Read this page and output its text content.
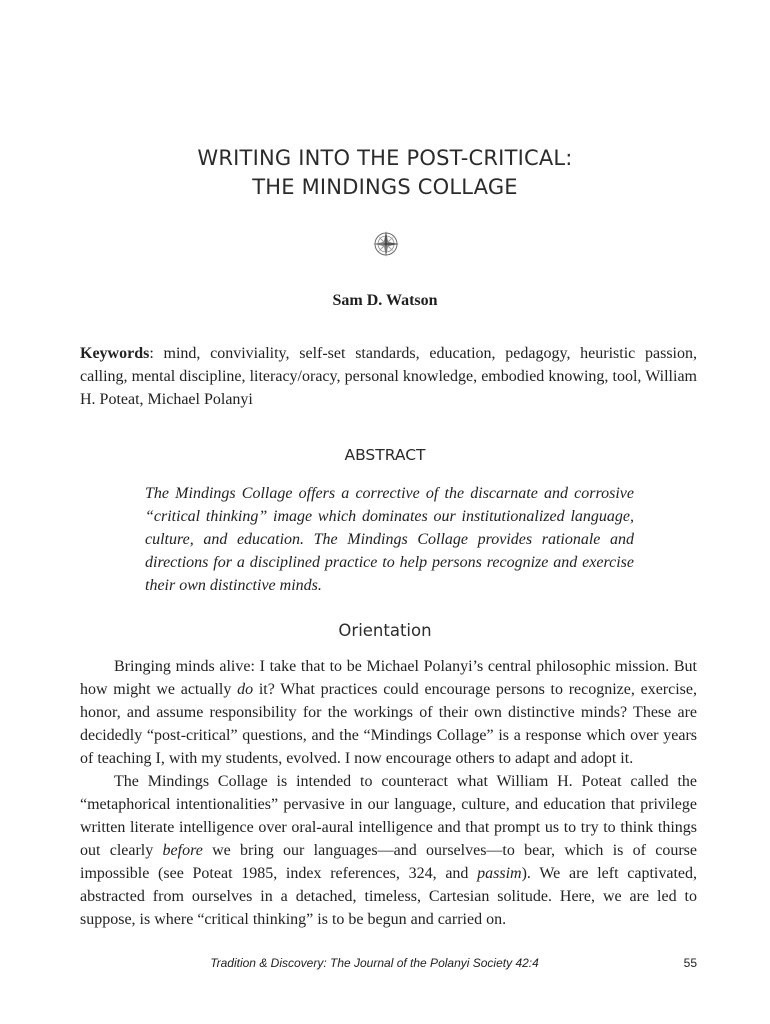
WRITING INTO THE POST-CRITICAL:
THE MINDINGS COLLAGE
Sam D. Watson
Keywords: mind, conviviality, self-set standards, education, pedagogy, heuristic passion, calling, mental discipline, literacy/oracy, personal knowledge, embodied knowing, tool, William H. Poteat, Michael Polanyi
ABSTRACT
The Mindings Collage offers a corrective of the discarnate and corrosive “critical thinking” image which dominates our institutionalized language, culture, and education. The Mindings Collage provides rationale and directions for a disciplined practice to help persons recognize and exercise their own distinctive minds.
Orientation

Bringing minds alive: I take that to be Michael Polanyi’s central philosophic mission. But how might we actually do it? What practices could encourage persons to recognize, exercise, honor, and assume responsibility for the workings of their own distinctive minds? These are decidedly “post-critical” questions, and the “Mindings Collage” is a response which over years of teaching I, with my students, evolved. I now encourage others to adapt and adopt it.

The Mindings Collage is intended to counteract what William H. Poteat called the “metaphorical intentionalities” pervasive in our language, culture, and education that privilege written literate intelligence over oral-aural intelligence and that prompt us to try to think things out clearly before we bring our languages—and ourselves—to bear, which is of course impossible (see Poteat 1985, index references, 324, and passim). We are left captivated, abstracted from ourselves in a detached, timeless, Cartesian solitude. Here, we are led to suppose, is where “critical thinking” is to be begun and carried on.

Tradition & Discovery: The Journal of the Polanyi Society 42:4	55
